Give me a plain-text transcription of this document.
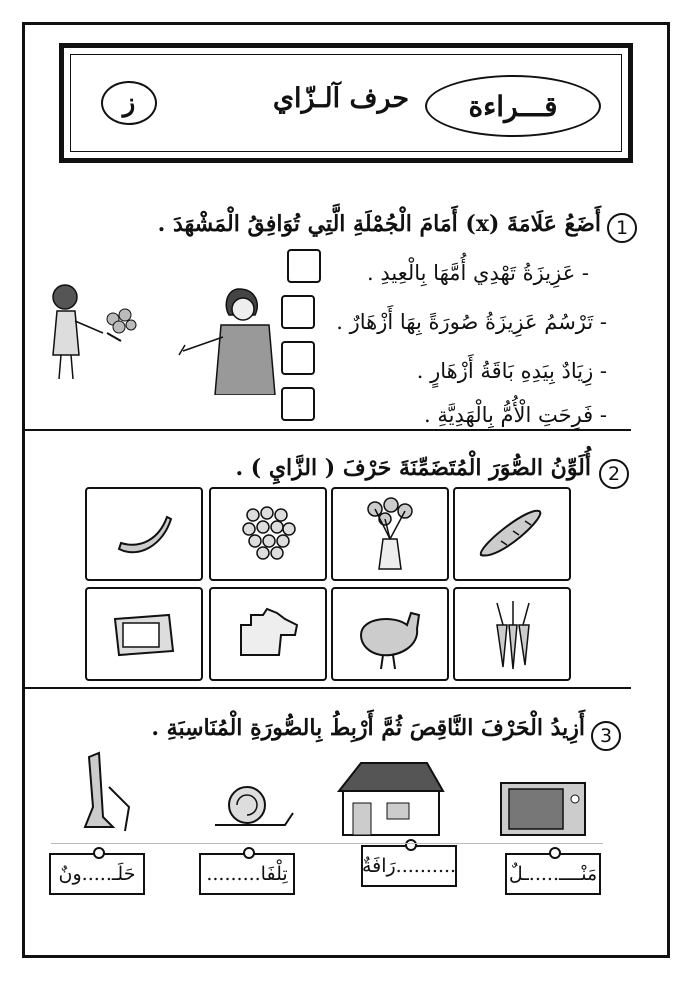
ز	حرف آلـزّاي	قـــراءة
1
أَضَعُ عَلَامَةَ (x) أَمَامَ الْجُمْلَةِ الَّتِي تُوَافِقُ الْمَشْهَدَ .
- عَزِيزَةُ تَهْدِي أُمَّهَا بِالْعِيدِ .
- تَرْسُمُ عَزِيزَةُ صُورَةً بِهَا أَزْهَارٌ .
- زِيَادٌ بِيَدِهِ بَاقَةُ أَزْهَارٍ .
- فَرِحَتِ الْأُمُّ بِالْهَدِيَّةِ .
2
أُلَوِّنُ الصُّوَرَ الْمُتَضَمِّنَةَ حَرْفَ ( الزَّايِ ) .
3
أَزِيدُ الْحَرْفَ النَّاقِصَ ثُمَّ أَرْبِطُ بِالصُّورَةِ الْمُنَاسِبَةِ .
حَلَـ.....ونٌ	تِلْفَا.........	..........رَافَةٌ	مَنْــــ.....ـلٌ
